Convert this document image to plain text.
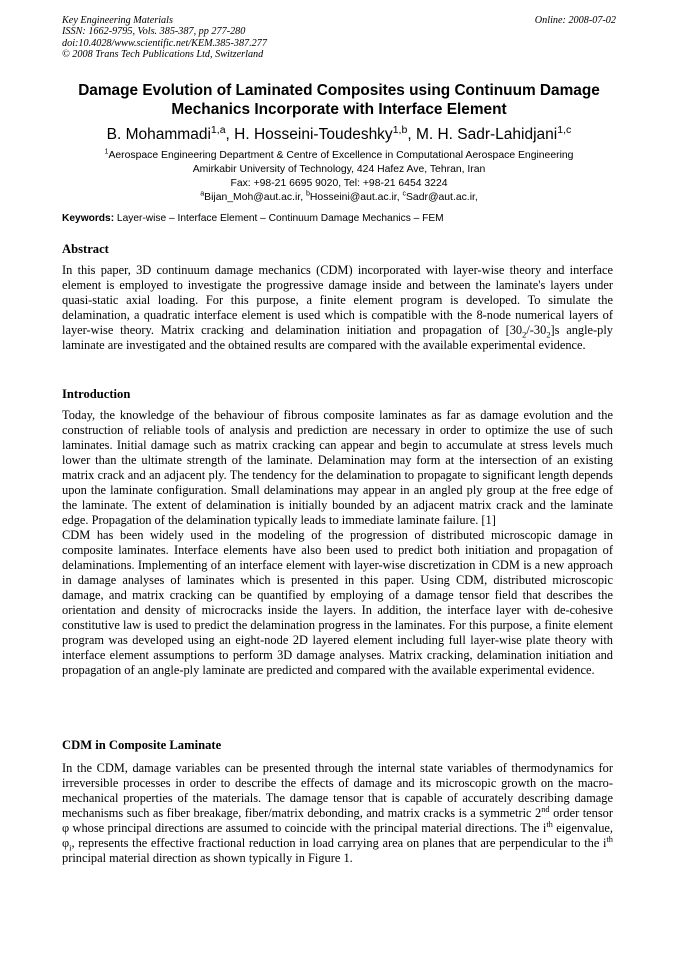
Key Engineering Materials
ISSN: 1662-9795, Vols. 385-387, pp 277-280
doi:10.4028/www.scientific.net/KEM.385-387.277
© 2008 Trans Tech Publications Ltd, Switzerland
Online: 2008-07-02
Damage Evolution of Laminated Composites using Continuum Damage Mechanics Incorporate with Interface Element
B. Mohammadi$^{1,a}$, H. Hosseini-Toudeshky$^{1,b}$, M. H. Sadr-Lahidjani$^{1,c}$
$^1$Aerospace Engineering Department & Centre of Excellence in Computational Aerospace Engineering
Amirkabir University of Technology, 424 Hafez Ave, Tehran, Iran
Fax: +98-21 6695 9020, Tel: +98-21 6454 3224
$^a$Bijan_Moh@aut.ac.ir, $^b$Hosseini@aut.ac.ir, $^c$Sadr@aut.ac.ir,
Keywords: Layer-wise – Interface Element – Continuum Damage Mechanics – FEM
Abstract

In this paper, 3D continuum damage mechanics (CDM) incorporated with layer-wise theory and interface element is employed to investigate the progressive damage inside and between the laminate's layers under quasi-static axial loading. For this purpose, a finite element program is developed. To simulate the delamination, a quadratic interface element is used which is compatible with the 8-node numerical layers of layer-wise theory. Matrix cracking and delamination initiation and propagation of $[30_2/-30_2]s$ angle-ply laminate are investigated and the obtained results are compared with the available experimental evidence.

Introduction

Today, the knowledge of the behaviour of fibrous composite laminates as far as damage evolution and the construction of reliable tools of analysis and prediction are necessary in order to optimize the use of such laminates. Initial damage such as matrix cracking can appear and begin to accumulate at stress levels much lower than the ultimate strength of the laminate. Delamination may form at the intersection of an existing matrix crack and an adjacent ply. The tendency for the delamination to propagate to significant length depends upon the laminate configuration. Small delaminations may appear in an angled ply group at the free edge of the laminate. The extent of delamination is initially bounded by an adjacent matrix crack and the laminate edge. Propagation of the delamination typically leads to immediate laminate failure. [1]

CDM has been widely used in the modeling of the progression of distributed microscopic damage in composite laminates. Interface elements have also been used to predict both initiation and propagation of delaminations. Implementing of an interface element with layer-wise discretization in CDM is a new approach in damage analyses of laminates which is presented in this paper. Using CDM, distributed microscopic damage, and matrix cracking can be quantified by employing of a damage tensor field that describes the orientation and density of microcracks inside the layers. In addition, the interface layer with de-cohesive constitutive law is used to predict the delamination progress in the laminates. For this purpose, a finite element program was developed using an eight-node 2D layered element including full layer-wise plate theory with interface element assumptions to perform 3D damage analyses. Matrix cracking, delamination initiation and propagation of an angle-ply laminate are predicted and compared with the available experimental evidence.

CDM in Composite Laminate

In the CDM, damage variables can be presented through the internal state variables of thermodynamics for irreversible processes in order to describe the effects of damage and its microscopic growth on the macro-mechanical properties of the materials. The damage tensor that is capable of accurately describing damage mechanisms such as fiber breakage, fiber/matrix debonding, and matrix cracks is a symmetric 2nd order tensor φ whose principal directions are assumed to coincide with the principal material directions. The $i^{th}$ eigenvalue, $\varphi_i$, represents the effective fractional reduction in load carrying area on planes that are perpendicular to the $i^{th}$ principal material direction as shown typically in Figure 1.
